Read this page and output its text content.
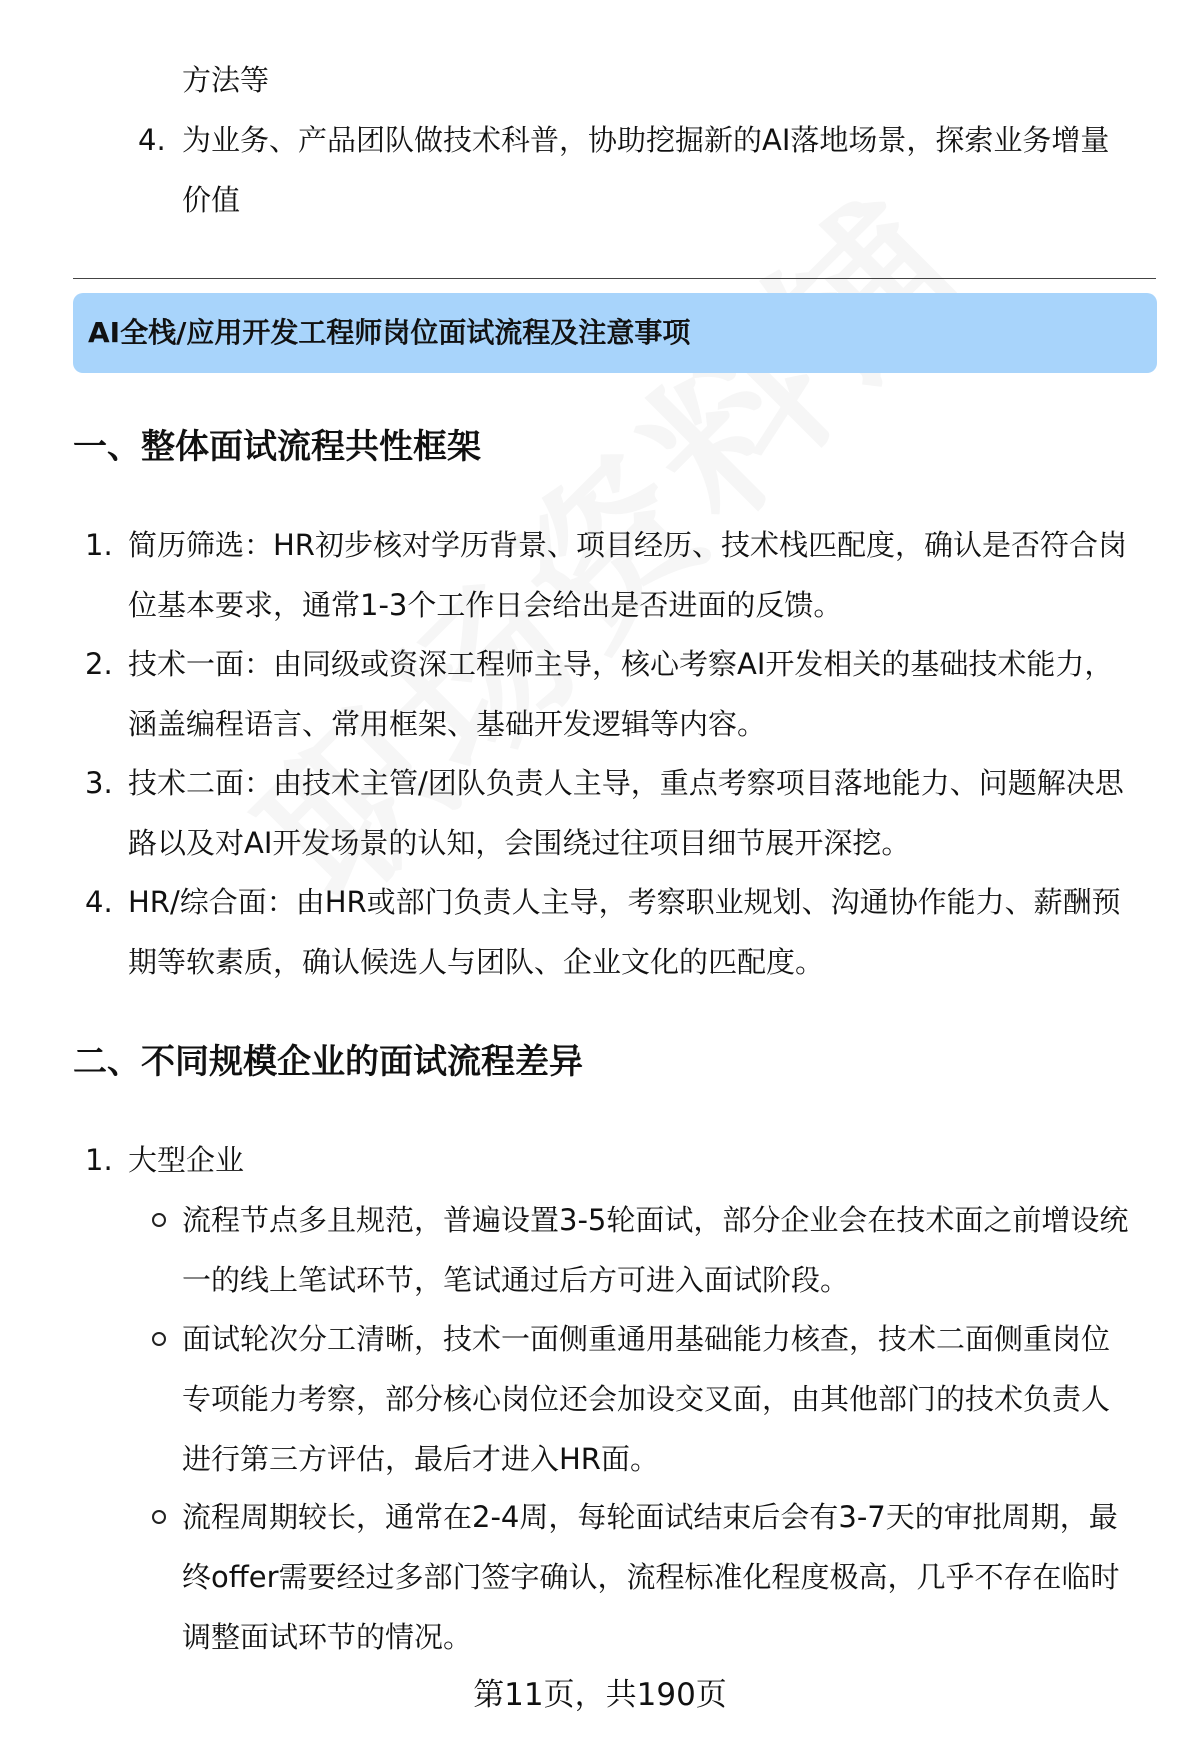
方法等
4. 为业务、产品团队做技术科普，协助挖掘新的AI落地场景，探索业务增量
价值
AI全栈/应用开发工程师岗位面试流程及注意事项
一、整体面试流程共性框架
1. 简历筛选：HR初步核对学历背景、项目经历、技术栈匹配度，确认是否符合岗
位基本要求，通常1-3个工作日会给出是否进面的反馈。
2. 技术一面：由同级或资深工程师主导，核心考察AI开发相关的基础技术能力，
涵盖编程语言、常用框架、基础开发逻辑等内容。
3. 技术二面：由技术主管/团队负责人主导，重点考察项目落地能力、问题解决思
路以及对AI开发场景的认知，会围绕过往项目细节展开深挖。
4. HR/综合面：由HR或部门负责人主导，考察职业规划、沟通协作能力、薪酬预
期等软素质，确认候选人与团队、企业文化的匹配度。
二、不同规模企业的面试流程差异
1. 大型企业
流程节点多且规范，普遍设置3-5轮面试，部分企业会在技术面之前增设统
一的线上笔试环节，笔试通过后方可进入面试阶段。
面试轮次分工清晰，技术一面侧重通用基础能力核查，技术二面侧重岗位
专项能力考察，部分核心岗位还会加设交叉面，由其他部门的技术负责人
进行第三方评估，最后才进入HR面。
流程周期较长，通常在2-4周，每轮面试结束后会有3-7天的审批周期，最
终offer需要经过多部门签字确认，流程标准化程度极高，几乎不存在临时
调整面试环节的情况。
第11页，共190页
